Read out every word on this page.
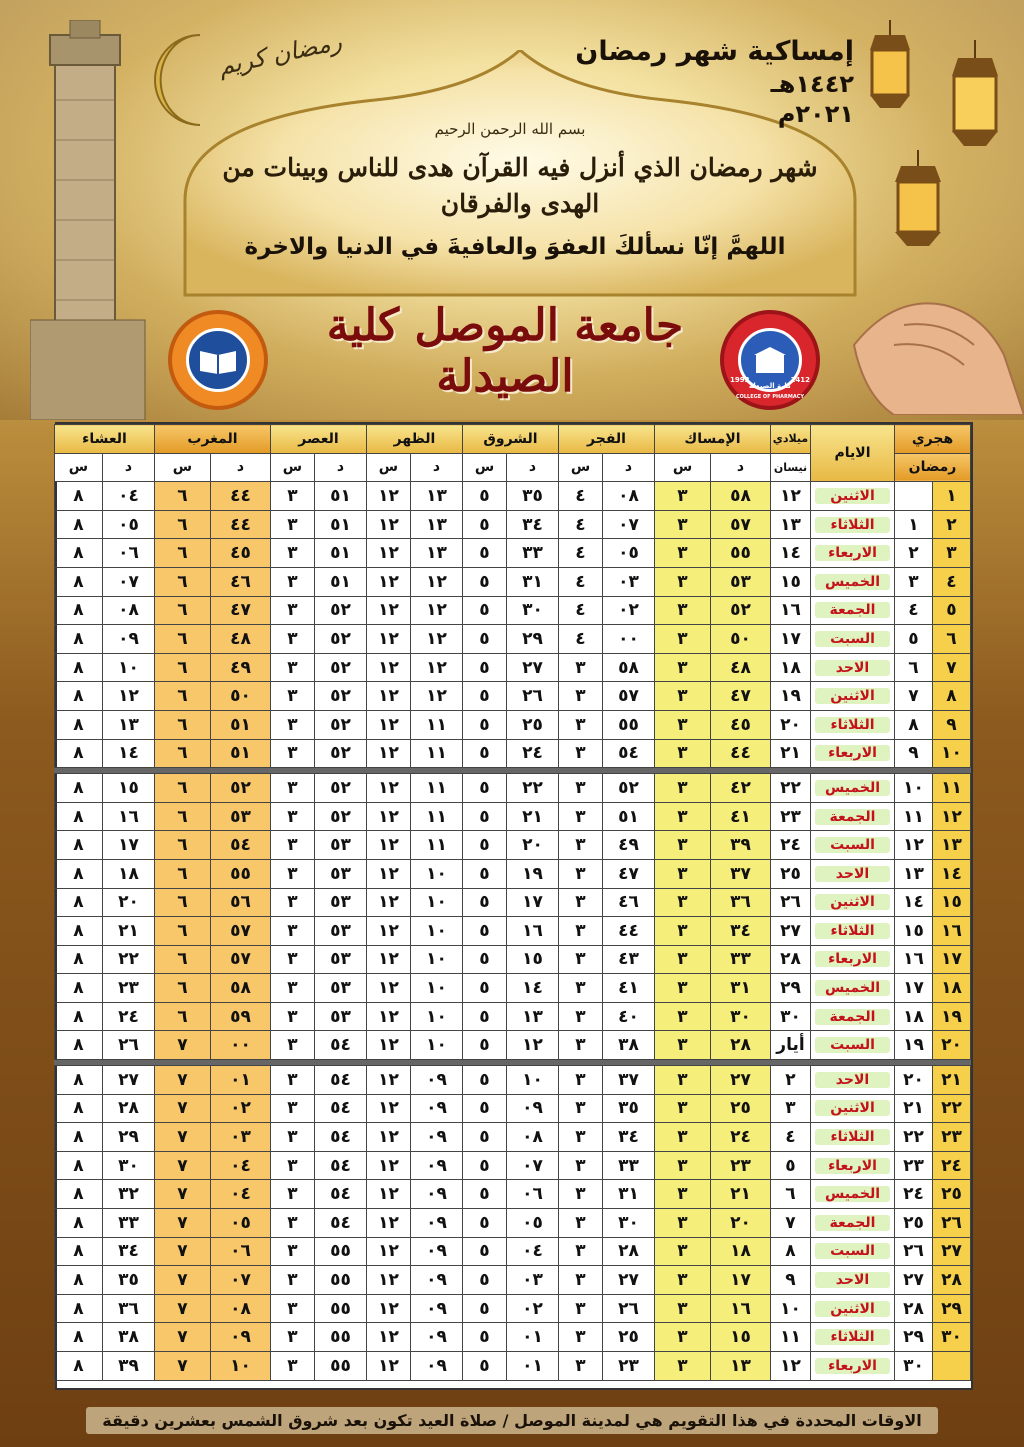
رمضان كريم	إمساكية شهر رمضان
١٤٤٢هـ
٢٠٢١م
بسم الله الرحمن الرحيم
شهر رمضان الذي أنزل فيه القرآن هدى للناس وبينات من الهدى والفرقان
اللهمَّ إنّا نسألكَ العفوَ والعافيةَ في الدنيا والاخرة
1992	1412
كلية الصيدلة
COLLEGE OF PHARMACY
جامعة الموصل كلية الصيدلة
هجري		الايام	ميلادي	الإمساك		الفجر		الشروق		الظهر		العصر		المغرب		العشاء	
رمضان			نيسان	د	س	د	س	د	س	د	س	د	س	د	س	د	س
١		الاثنين	١٢	٥٨	٣	٠٨	٤	٣٥	٥	١٣	١٢	٥١	٣	٤٤	٦	٠٤	٨
٢	١	الثلاثاء	١٣	٥٧	٣	٠٧	٤	٣٤	٥	١٣	١٢	٥١	٣	٤٤	٦	٠٥	٨
٣	٢	الاربعاء	١٤	٥٥	٣	٠٥	٤	٣٣	٥	١٣	١٢	٥١	٣	٤٥	٦	٠٦	٨
٤	٣	الخميس	١٥	٥٣	٣	٠٣	٤	٣١	٥	١٢	١٢	٥١	٣	٤٦	٦	٠٧	٨
٥	٤	الجمعة	١٦	٥٢	٣	٠٢	٤	٣٠	٥	١٢	١٢	٥٢	٣	٤٧	٦	٠٨	٨
٦	٥	السبت	١٧	٥٠	٣	٠٠	٤	٢٩	٥	١٢	١٢	٥٢	٣	٤٨	٦	٠٩	٨
٧	٦	الاحد	١٨	٤٨	٣	٥٨	٣	٢٧	٥	١٢	١٢	٥٢	٣	٤٩	٦	١٠	٨
٨	٧	الاثنين	١٩	٤٧	٣	٥٧	٣	٢٦	٥	١٢	١٢	٥٢	٣	٥٠	٦	١٢	٨
٩	٨	الثلاثاء	٢٠	٤٥	٣	٥٥	٣	٢٥	٥	١١	١٢	٥٢	٣	٥١	٦	١٣	٨
١٠	٩	الاربعاء	٢١	٤٤	٣	٥٤	٣	٢٤	٥	١١	١٢	٥٢	٣	٥١	٦	١٤	٨

١١	١٠	الخميس	٢٢	٤٢	٣	٥٢	٣	٢٢	٥	١١	١٢	٥٢	٣	٥٢	٦	١٥	٨
١٢	١١	الجمعة	٢٣	٤١	٣	٥١	٣	٢١	٥	١١	١٢	٥٢	٣	٥٣	٦	١٦	٨
١٣	١٢	السبت	٢٤	٣٩	٣	٤٩	٣	٢٠	٥	١١	١٢	٥٣	٣	٥٤	٦	١٧	٨
١٤	١٣	الاحد	٢٥	٣٧	٣	٤٧	٣	١٩	٥	١٠	١٢	٥٣	٣	٥٥	٦	١٨	٨
١٥	١٤	الاثنين	٢٦	٣٦	٣	٤٦	٣	١٧	٥	١٠	١٢	٥٣	٣	٥٦	٦	٢٠	٨
١٦	١٥	الثلاثاء	٢٧	٣٤	٣	٤٤	٣	١٦	٥	١٠	١٢	٥٣	٣	٥٧	٦	٢١	٨
١٧	١٦	الاربعاء	٢٨	٣٣	٣	٤٣	٣	١٥	٥	١٠	١٢	٥٣	٣	٥٧	٦	٢٢	٨
١٨	١٧	الخميس	٢٩	٣١	٣	٤١	٣	١٤	٥	١٠	١٢	٥٣	٣	٥٨	٦	٢٣	٨
١٩	١٨	الجمعة	٣٠	٣٠	٣	٤٠	٣	١٣	٥	١٠	١٢	٥٣	٣	٥٩	٦	٢٤	٨
٢٠	١٩	السبت	أيار	٢٨	٣	٣٨	٣	١٢	٥	١٠	١٢	٥٤	٣	٠٠	٧	٢٦	٨

٢١	٢٠	الاحد	٢	٢٧	٣	٣٧	٣	١٠	٥	٠٩	١٢	٥٤	٣	٠١	٧	٢٧	٨
٢٢	٢١	الاثنين	٣	٢٥	٣	٣٥	٣	٠٩	٥	٠٩	١٢	٥٤	٣	٠٢	٧	٢٨	٨
٢٣	٢٢	الثلاثاء	٤	٢٤	٣	٣٤	٣	٠٨	٥	٠٩	١٢	٥٤	٣	٠٣	٧	٢٩	٨
٢٤	٢٣	الاربعاء	٥	٢٣	٣	٣٣	٣	٠٧	٥	٠٩	١٢	٥٤	٣	٠٤	٧	٣٠	٨
٢٥	٢٤	الخميس	٦	٢١	٣	٣١	٣	٠٦	٥	٠٩	١٢	٥٤	٣	٠٤	٧	٣٢	٨
٢٦	٢٥	الجمعة	٧	٢٠	٣	٣٠	٣	٠٥	٥	٠٩	١٢	٥٤	٣	٠٥	٧	٣٣	٨
٢٧	٢٦	السبت	٨	١٨	٣	٢٨	٣	٠٤	٥	٠٩	١٢	٥٥	٣	٠٦	٧	٣٤	٨
٢٨	٢٧	الاحد	٩	١٧	٣	٢٧	٣	٠٣	٥	٠٩	١٢	٥٥	٣	٠٧	٧	٣٥	٨
٢٩	٢٨	الاثنين	١٠	١٦	٣	٢٦	٣	٠٢	٥	٠٩	١٢	٥٥	٣	٠٨	٧	٣٦	٨
٣٠	٢٩	الثلاثاء	١١	١٥	٣	٢٥	٣	٠١	٥	٠٩	١٢	٥٥	٣	٠٩	٧	٣٨	٨
	٣٠	الاربعاء	١٢	١٣	٣	٢٣	٣	٠١	٥	٠٩	١٢	٥٥	٣	١٠	٧	٣٩	٨
الاوقات المحددة في هذا التقويم هي لمدينة الموصل / صلاة العيد تكون بعد شروق الشمس بعشرين دقيقة
